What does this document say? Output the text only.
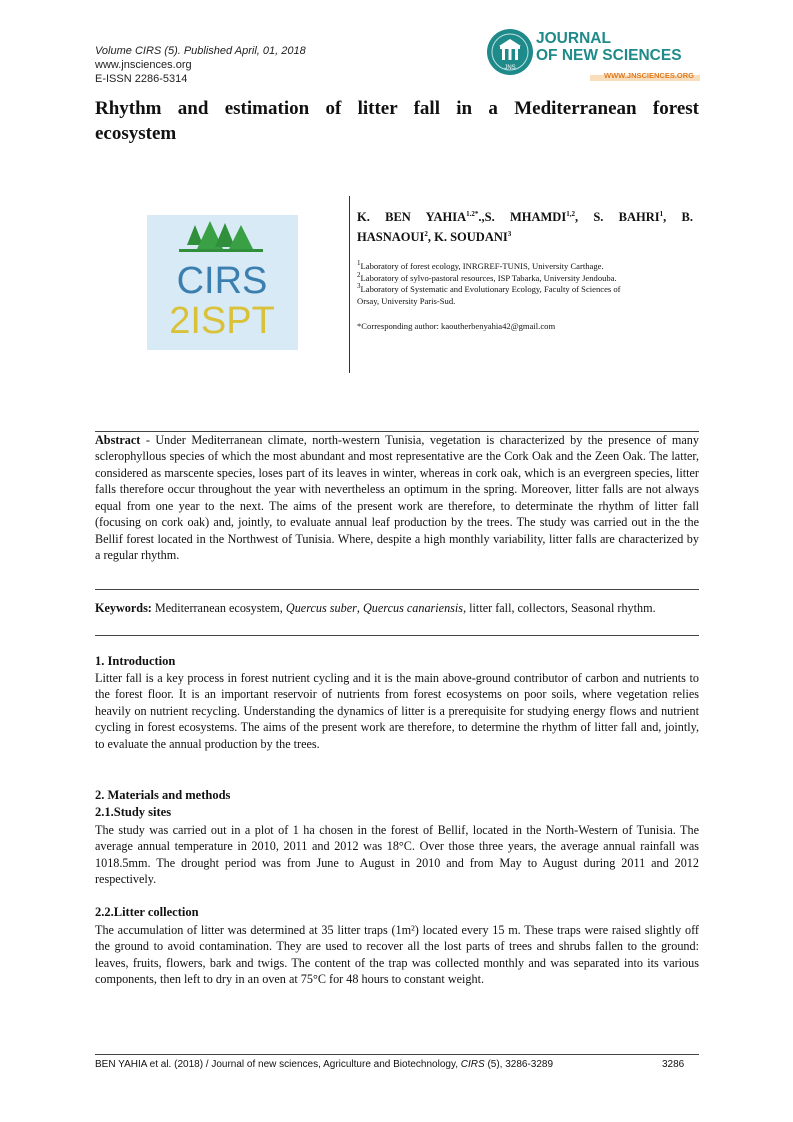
Volume CIRS (5). Published April, 01, 2018
www.jnsciences.org
E-ISSN 2286-5314
JNS
JOURNAL
OF NEW SCIENCES
WWW.JNSCIENCES.ORG
Rhythm and estimation of litter fall in a Mediterranean forest
ecosystem
CIRS
2ISPT
K. BEN $YAHIA^{1.2*}.,S$. MHAMDI$^{1,2}$, S. BAHRI$^1$, B.
HASNAOUI$^2$, K. SOUDANI$^3$
$^1$Laboratory of forest ecology, INRGREF-TUNIS, University Carthage.
$^2$Laboratory of sylvo-pastoral resources, ISP Tabarka, University Jendouba.
$^3$Laboratory of Systematic and Evolutionary Ecology, Faculty of Sciences of
Orsay, University Paris-Sud.
*Corresponding author: kaoutherbenyahia42@gmail.com
Abstract - Under Mediterranean climate, north-western Tunisia, vegetation is characterized by the presence of many sclerophyllous species of which the most abundant and most representative are the Cork Oak and the Zeen Oak. The latter, considered as marscente species, loses part of its leaves in winter, whereas in cork oak, which is an evergreen species, litter falls therefore occur throughout the year with nevertheless an optimum in the spring. Moreover, litter falls are not always equal from one year to the next. The aims of the present work are therefore, to determinate the rhythm of litter fall (focusing on cork oak) and, jointly, to evaluate annual leaf production by the trees. The study was carried out in the the Bellif forest located in the Northwest of Tunisia. Where, despite a high monthly variability, litter falls are characterized by a regular rhythm.
Keywords: Mediterranean ecosystem, Quercus suber, Quercus canariensis, litter fall, collectors, Seasonal rhythm.
1. Introduction
Litter fall is a key process in forest nutrient cycling and it is the main above-ground contributor of carbon and nutrients to the forest floor. It is an important reservoir of nutrients from forest ecosystems on poor soils, where vegetation relies heavily on nutrient recycling. Understanding the dynamics of litter is a prerequisite for studying energy flows and nutrient cycling in forest ecosystems. The aims of the present work are therefore, to determine the rhythm of litter fall and, jointly, to evaluate the annual production by the trees.
2. Materials and methods
2.1.Study sites
The study was carried out in a plot of 1 ha chosen in the forest of Bellif, located in the North-Western of Tunisia. The average annual temperature in 2010, 2011 and 2012 was 18°C. Over those three years, the average annual rainfall was 1018.5mm. The drought period was from June to August in 2010 and from May to August during 2011 and 2012 respectively.
2.2.Litter collection
The accumulation of litter was determined at 35 litter traps (1m²) located every 15 m. These traps were raised slightly off the ground to avoid contamination. They are used to recover all the lost parts of trees and shrubs fallen to the ground: leaves, fruits, flowers, bark and twigs. The content of the trap was collected monthly and was separated into its various components, then left to dry in an oven at 75°C for 48 hours to constant weight.
BEN YAHIA et al. (2018) / Journal of new sciences, Agriculture and Biotechnology, CIRS (5), 3286-3289	3286
